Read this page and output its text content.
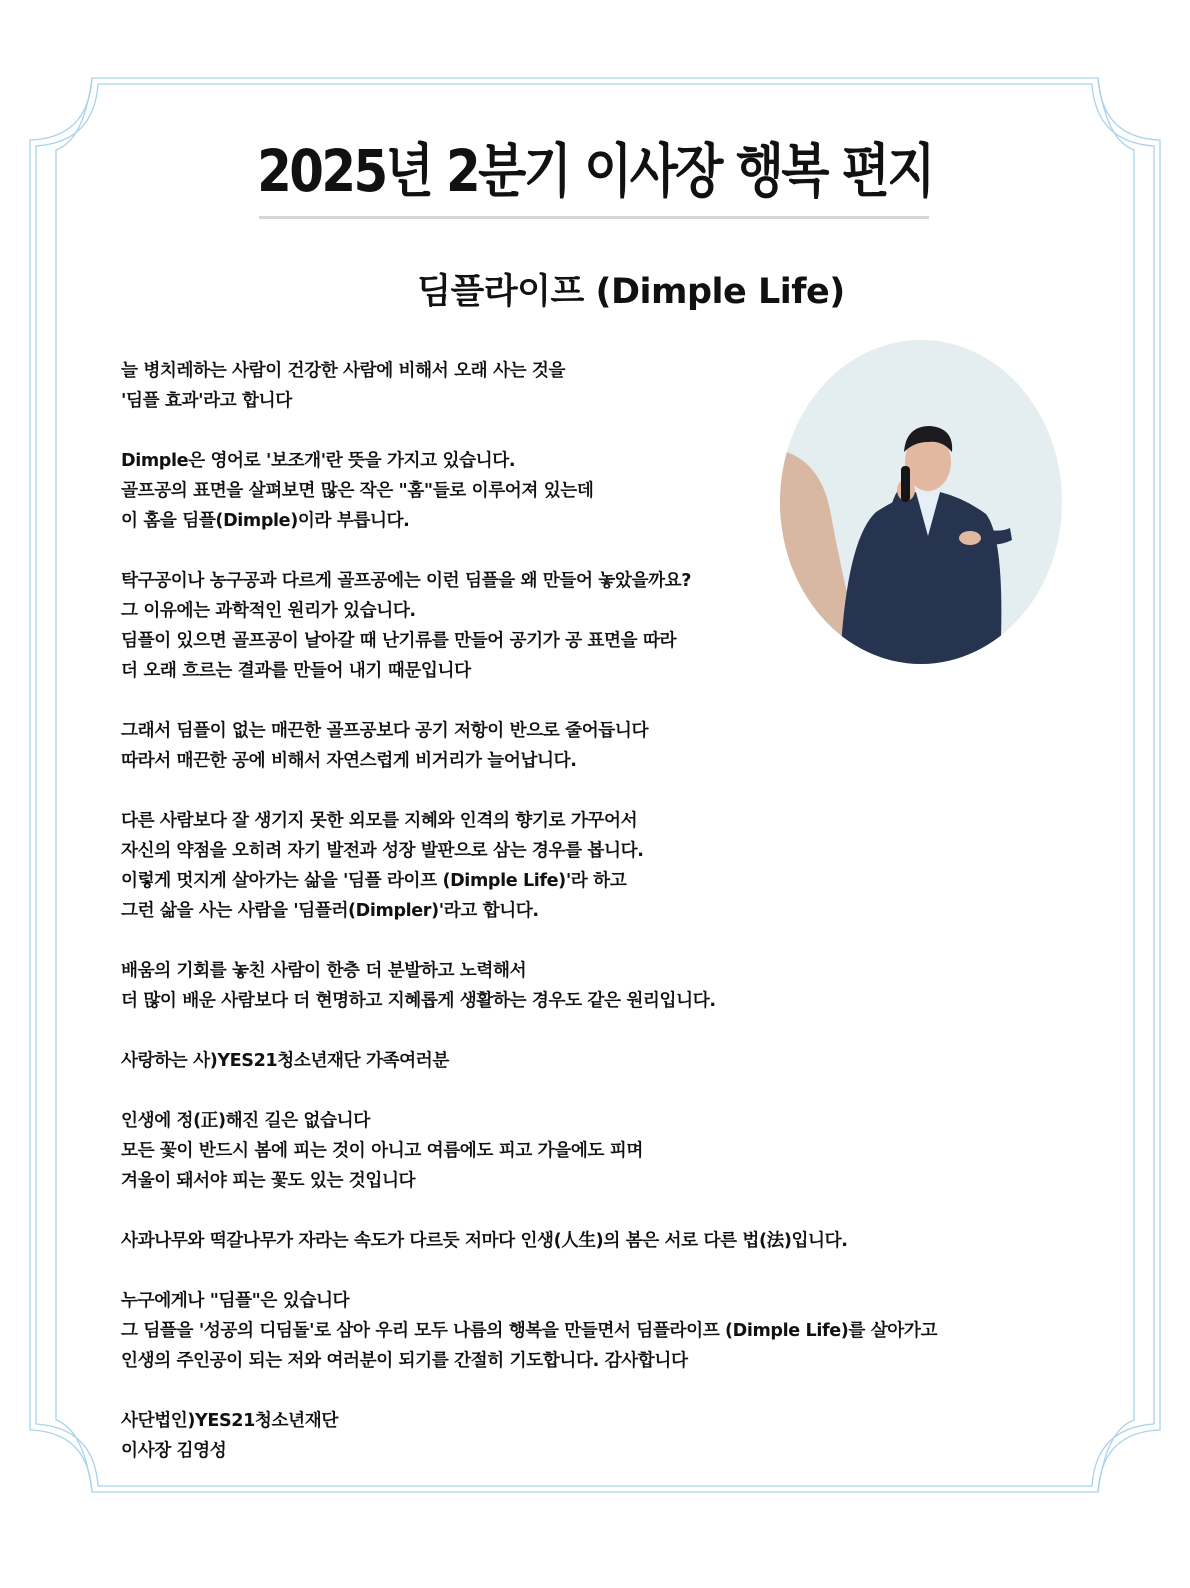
2025년 2분기 이사장 행복 편지
딤플라이프 (Dimple Life)
늘 병치레하는 사람이 건강한 사람에 비해서 오래 사는 것을
'딤플 효과'라고 합니다
Dimple은 영어로 '보조개'란 뜻을 가지고 있습니다.
골프공의 표면을 살펴보면 많은 작은 "홈"들로 이루어져 있는데
이 홈을 딤플(Dimple)이라 부릅니다.
탁구공이나 농구공과 다르게 골프공에는 이런 딤플을 왜 만들어 놓았을까요?
그 이유에는 과학적인 원리가 있습니다.
딤플이 있으면 골프공이 날아갈 때 난기류를 만들어 공기가 공 표면을 따라
더 오래 흐르는 결과를 만들어 내기 때문입니다
그래서 딤플이 없는 매끈한 골프공보다 공기 저항이 반으로 줄어듭니다
따라서 매끈한 공에 비해서 자연스럽게 비거리가 늘어납니다.
다른 사람보다 잘 생기지 못한 외모를 지혜와 인격의 향기로 가꾸어서
자신의 약점을 오히려 자기 발전과 성장 발판으로 삼는 경우를 봅니다.
이렇게 멋지게 살아가는 삶을 '딤플 라이프 (Dimple Life)'라 하고
그런 삶을 사는 사람을 '딤플러(Dimpler)'라고 합니다.
배움의 기회를 놓친 사람이 한층 더 분발하고 노력해서
더 많이 배운 사람보다 더 현명하고 지혜롭게 생활하는 경우도 같은 원리입니다.
사랑하는 사)YES21청소년재단 가족여러분
인생에 정(正)해진 길은 없습니다
모든 꽃이 반드시 봄에 피는 것이 아니고 여름에도 피고 가을에도 피며
겨울이 돼서야 피는 꽃도 있는 것입니다
사과나무와 떡갈나무가 자라는 속도가 다르듯 저마다 인생(人生)의 봄은 서로 다른 법(法)입니다.
누구에게나 "딤플"은 있습니다
그 딤플을 '성공의 디딤돌'로 삼아 우리 모두 나름의 행복을 만들면서 딤플라이프 (Dimple Life)를 살아가고
인생의 주인공이 되는 저와 여러분이 되기를 간절히 기도합니다. 감사합니다
사단법인)YES21청소년재단
이사장 김영성
